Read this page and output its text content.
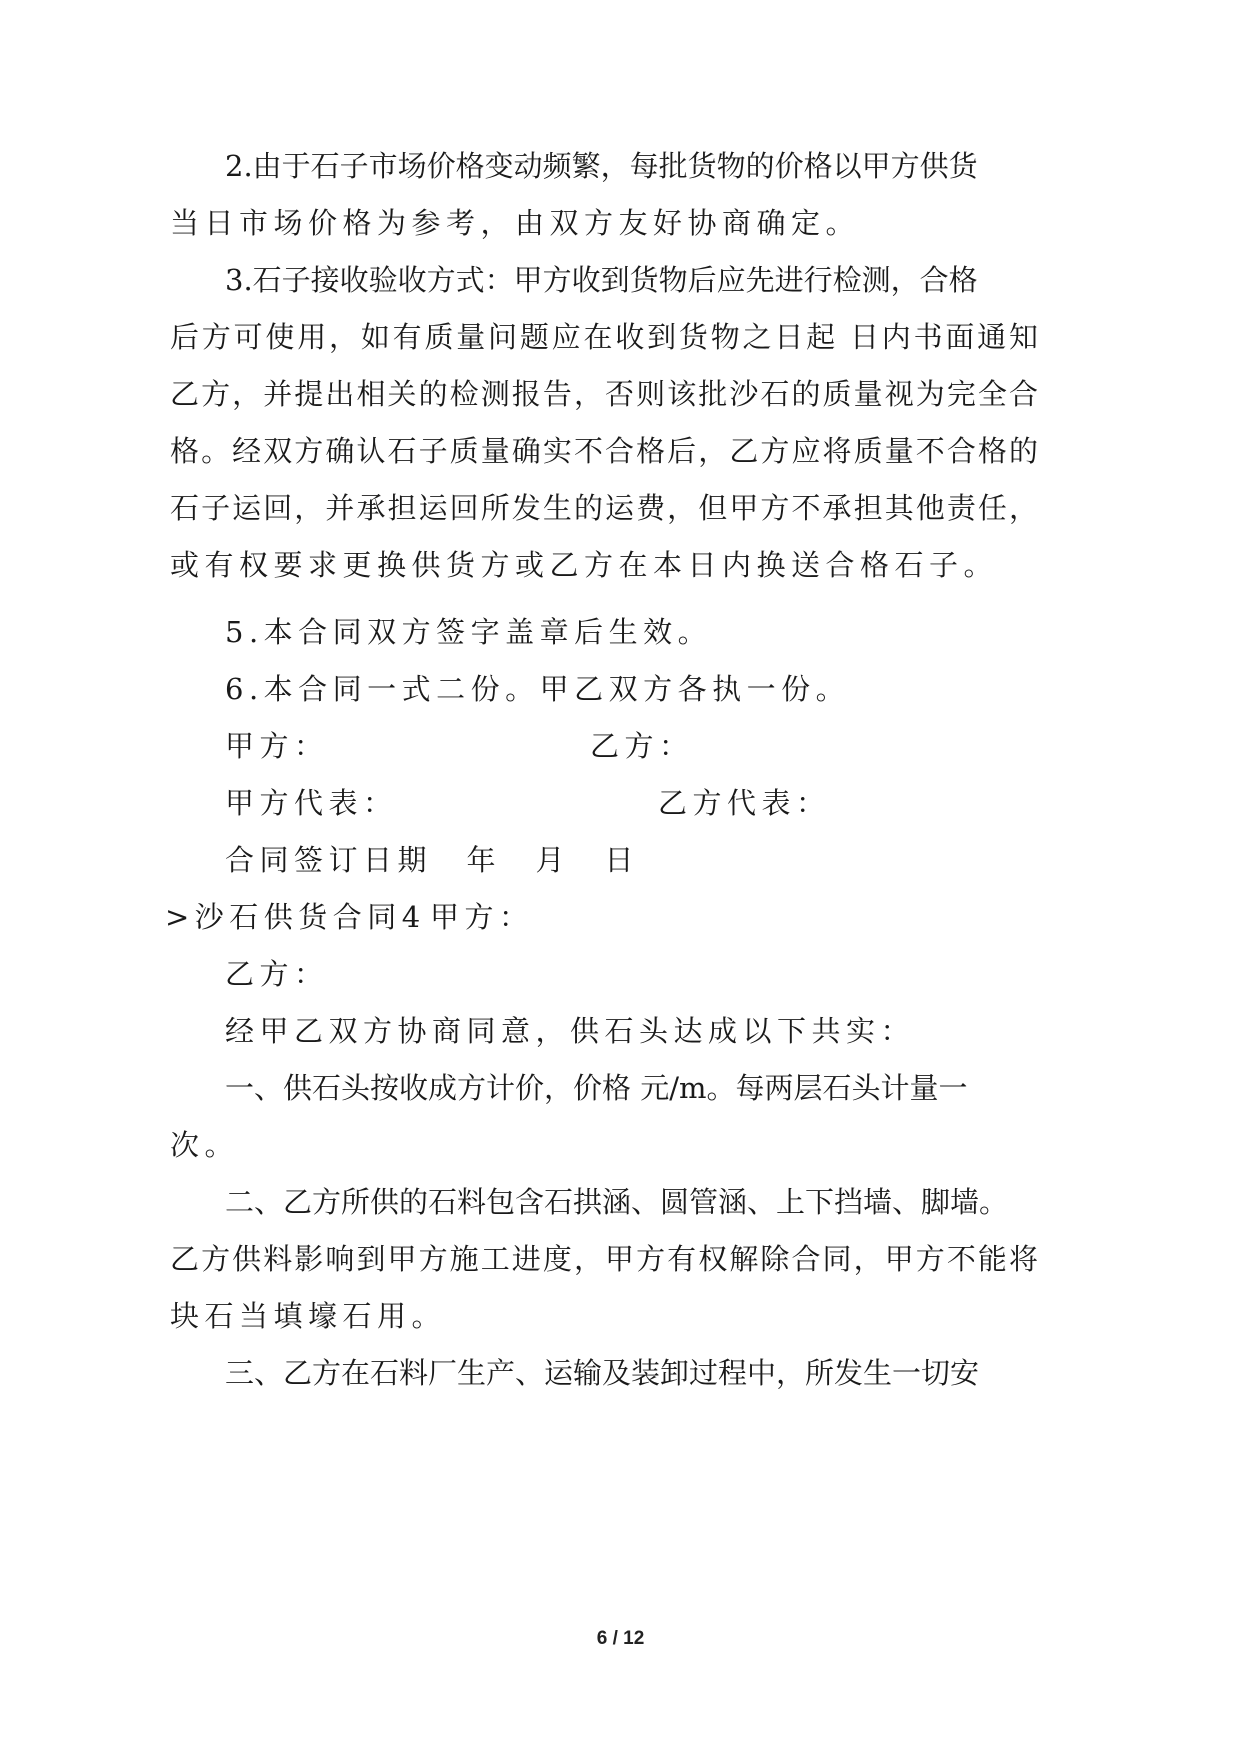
2.由于石子市场价格变动频繁，每批货物的价格以甲方供货
当日市场价格为参考，由双方友好协商确定。
3.石子接收验收方式：甲方收到货物后应先进行检测，合格
后方可使用，如有质量问题应在收到货物之日起 日内书面通知
乙方，并提出相关的检测报告，否则该批沙石的质量视为完全合
格。经双方确认石子质量确实不合格后，乙方应将质量不合格的
石子运回，并承担运回所发生的运费，但甲方不承担其他责任，
或有权要求更换供货方或乙方在本日内换送合格石子。
5.本合同双方签字盖章后生效。
6.本合同一式二份。甲乙双方各执一份。
甲方：	乙方：
甲方代表：	乙方代表：
合同签订日期　年　月　日
>沙石供货合同4 甲方：
乙方：
经甲乙双方协商同意，供石头达成以下共实：
一、供石头按收成方计价，价格 元/m。每两层石头计量一
次。
二、乙方所供的石料包含石拱涵、圆管涵、上下挡墙、脚墙。
乙方供料影响到甲方施工进度，甲方有权解除合同，甲方不能将
块石当填壕石用。
三、乙方在石料厂生产、运输及装卸过程中，所发生一切安
6 / 12
